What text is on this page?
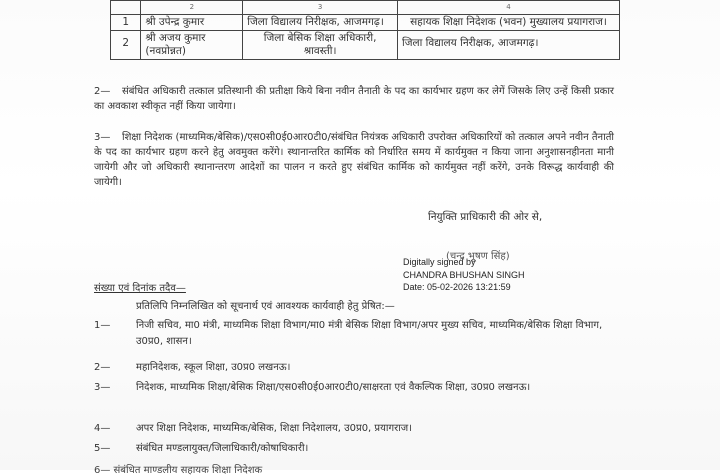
	2	3	4
1	श्री उपेन्द्र कुमार	जिला विद्यालय निरीक्षक, आजमगढ़।	सहायक शिक्षा निदेशक (भवन) मुख्यालय प्रयागराज।
2	श्री अजय कुमार (नवप्रोन्नत)	जिला बेसिक शिक्षा अधिकारी, श्रावस्ती।	जिला विद्यालय निरीक्षक, आजमगढ़।
2— संबंधित अधिकारी तत्काल प्रतिस्थानी की प्रतीक्षा किये बिना नवीन तैनाती के पद का कार्यभार ग्रहण कर लेगें जिसके लिए उन्हें किसी प्रकार का अवकाश स्वीकृत नहीं किया जायेगा।
3— शिक्षा निदेशक (माध्यमिक/बेसिक)/एस0सी0ई0आर0टी0/संबंधित नियंत्रक अधिकारी उपरोक्त अधिकारियों को तत्काल अपने नवीन तैनाती के पद का कार्यभार ग्रहण करने हेतु अवमुक्त करेंगे। स्थानान्तरित कार्मिक को निर्धारित समय में कार्यमुक्त न किया जाना अनुशासनहीनता मानी जायेगी और जो अधिकारी स्थानान्तरण आदेशों का पालन न करते हुए संबंधित कार्मिक को कार्यमुक्त नहीं करेंगे, उनके विरूद्ध कार्यवाही की जायेगी।
नियुक्ति प्राधिकारी की ओर से,
(चन्द्र भूषण सिंह)
Digitally signed by
CHANDRA BHUSHAN SINGH
Date: 05-02-2026 13:21:59
संख्या एवं दिनांक तदैव—
प्रतिलिपि निम्नलिखित को सूचनार्थ एवं आवश्यक कार्यवाही हेतु प्रेषित:—
1—	निजी सचिव, मा0 मंत्री, माध्यमिक शिक्षा विभाग/मा0 मंत्री बेसिक शिक्षा विभाग/अपर मुख्य सचिव, माध्यमिक/बेसिक शिक्षा विभाग, उ0प्र0, शासन।
2—	महानिदेशक, स्कूल शिक्षा, उ0प्र0 लखनऊ।
3—	निदेशक, माध्यमिक शिक्षा/बेसिक शिक्षा/एस0सी0ई0आर0टी0/साक्षरता एवं वैकल्पिक शिक्षा, उ0प्र0 लखनऊ।
4—	अपर शिक्षा निदेशक, माध्यमिक/बेसिक, शिक्षा निदेशालय, उ0प्र0, प्रयागराज।
5—	संबंधित मण्डलायुक्त/जिलाधिकारी/कोषाधिकारी।
6— संबंधित माण्डलीय सहायक शिक्षा निदेशक
